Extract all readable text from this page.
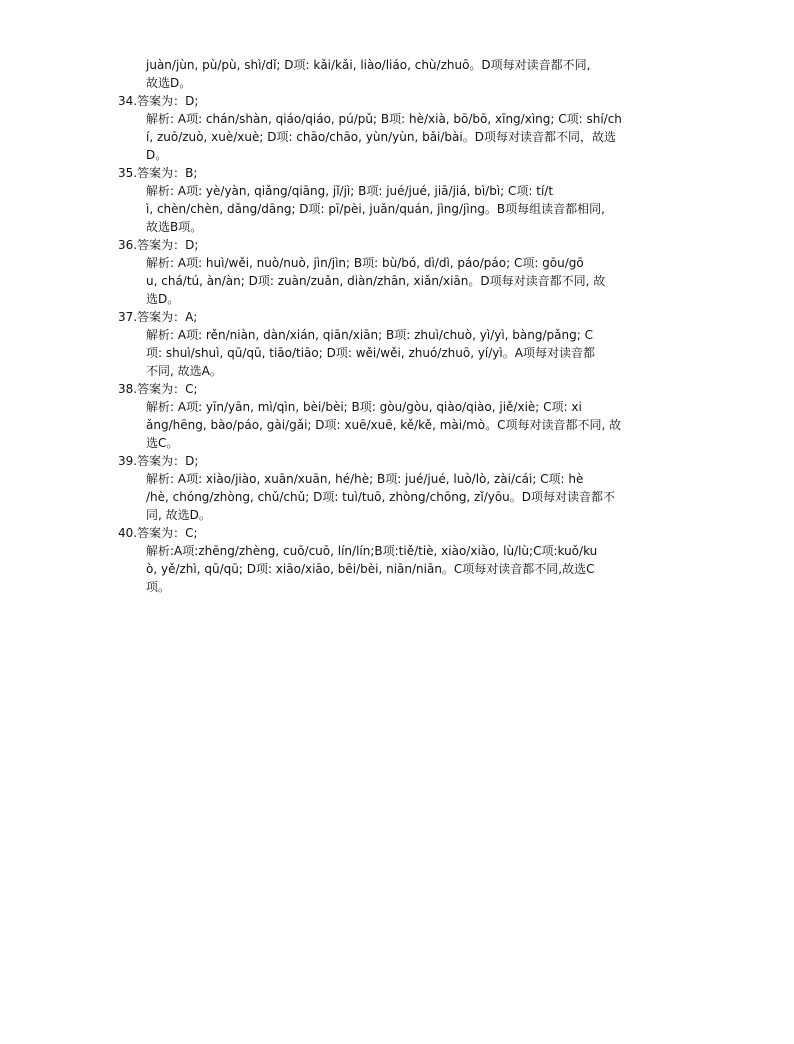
juàn/jùn, pù/pù, shì/dǐ; D项: kǎi/kǎi, liào/liáo, chù/zhuō。D项每对读音都不同,
故选D。
34.答案为：D;
解析: A项: chán/shàn, qiáo/qiáo, pú/pǔ; B项: hè/xià, bō/bō, xīng/xìng; C项: shí/ch
í, zuō/zuò, xuè/xuè; D项: chāo/chāo, yùn/yùn, bǎi/bài。D项每对读音都不同，故选
D。
35.答案为：B;
解析: A项: yè/yàn, qiǎng/qiāng, jǐ/jì; B项: jué/jué, jiā/jiá, bì/bì; C项: tí/t
ì, chèn/chèn, dǎng/dāng; D项: pī/pèi, juǎn/quán, jìng/jìng。B项每组读音都相同,
故选B项。
36.答案为：D;
解析: A项: huì/wěi, nuò/nuò, jìn/jìn; B项: bù/bó, dì/dì, páo/páo; C项: gōu/gō
u, chá/tú, àn/àn; D项: zuàn/zuǎn, diàn/zhān, xiǎn/xiān。D项每对读音都不同, 故
选D。
37.答案为：A;
解析: A项: rěn/niàn, dàn/xián, qiān/xiān; B项: zhuì/chuò, yì/yì, bàng/pǎng; C
项: shuì/shuì, qū/qū, tiāo/tiāo; D项: wěi/wěi, zhuó/zhuō, yí/yì。A项每对读音都
不同, 故选A。
38.答案为：C;
解析: A项: yīn/yān, mì/qìn, bèi/bèi; B项: gòu/gòu, qiào/qiào, jiě/xiè; C项: xi
ǎng/hēng, bào/páo, gài/gǎi; D项: xuē/xuē, kě/kě, mài/mò。C项每对读音都不同, 故
选C。
39.答案为：D;
解析: A项: xiào/jiào, xuān/xuān, hé/hè; B项: jué/jué, luò/lò, zài/cái; C项: hè
/hè, chóng/zhòng, chǔ/chǔ; D项: tuì/tuō, zhòng/chōng, zǐ/yōu。D项每对读音都不
同, 故选D。
40.答案为：C;
解析:A项:zhēng/zhèng, cuō/cuō, lín/lín;B项:tiě/tiè, xiào/xiào, lù/lù;C项:kuǒ/ku
ò, yě/zhì, qū/qū; D项: xiāo/xiāo, bēi/bèi, niān/niān。C项每对读音都不同,故选C
项。
